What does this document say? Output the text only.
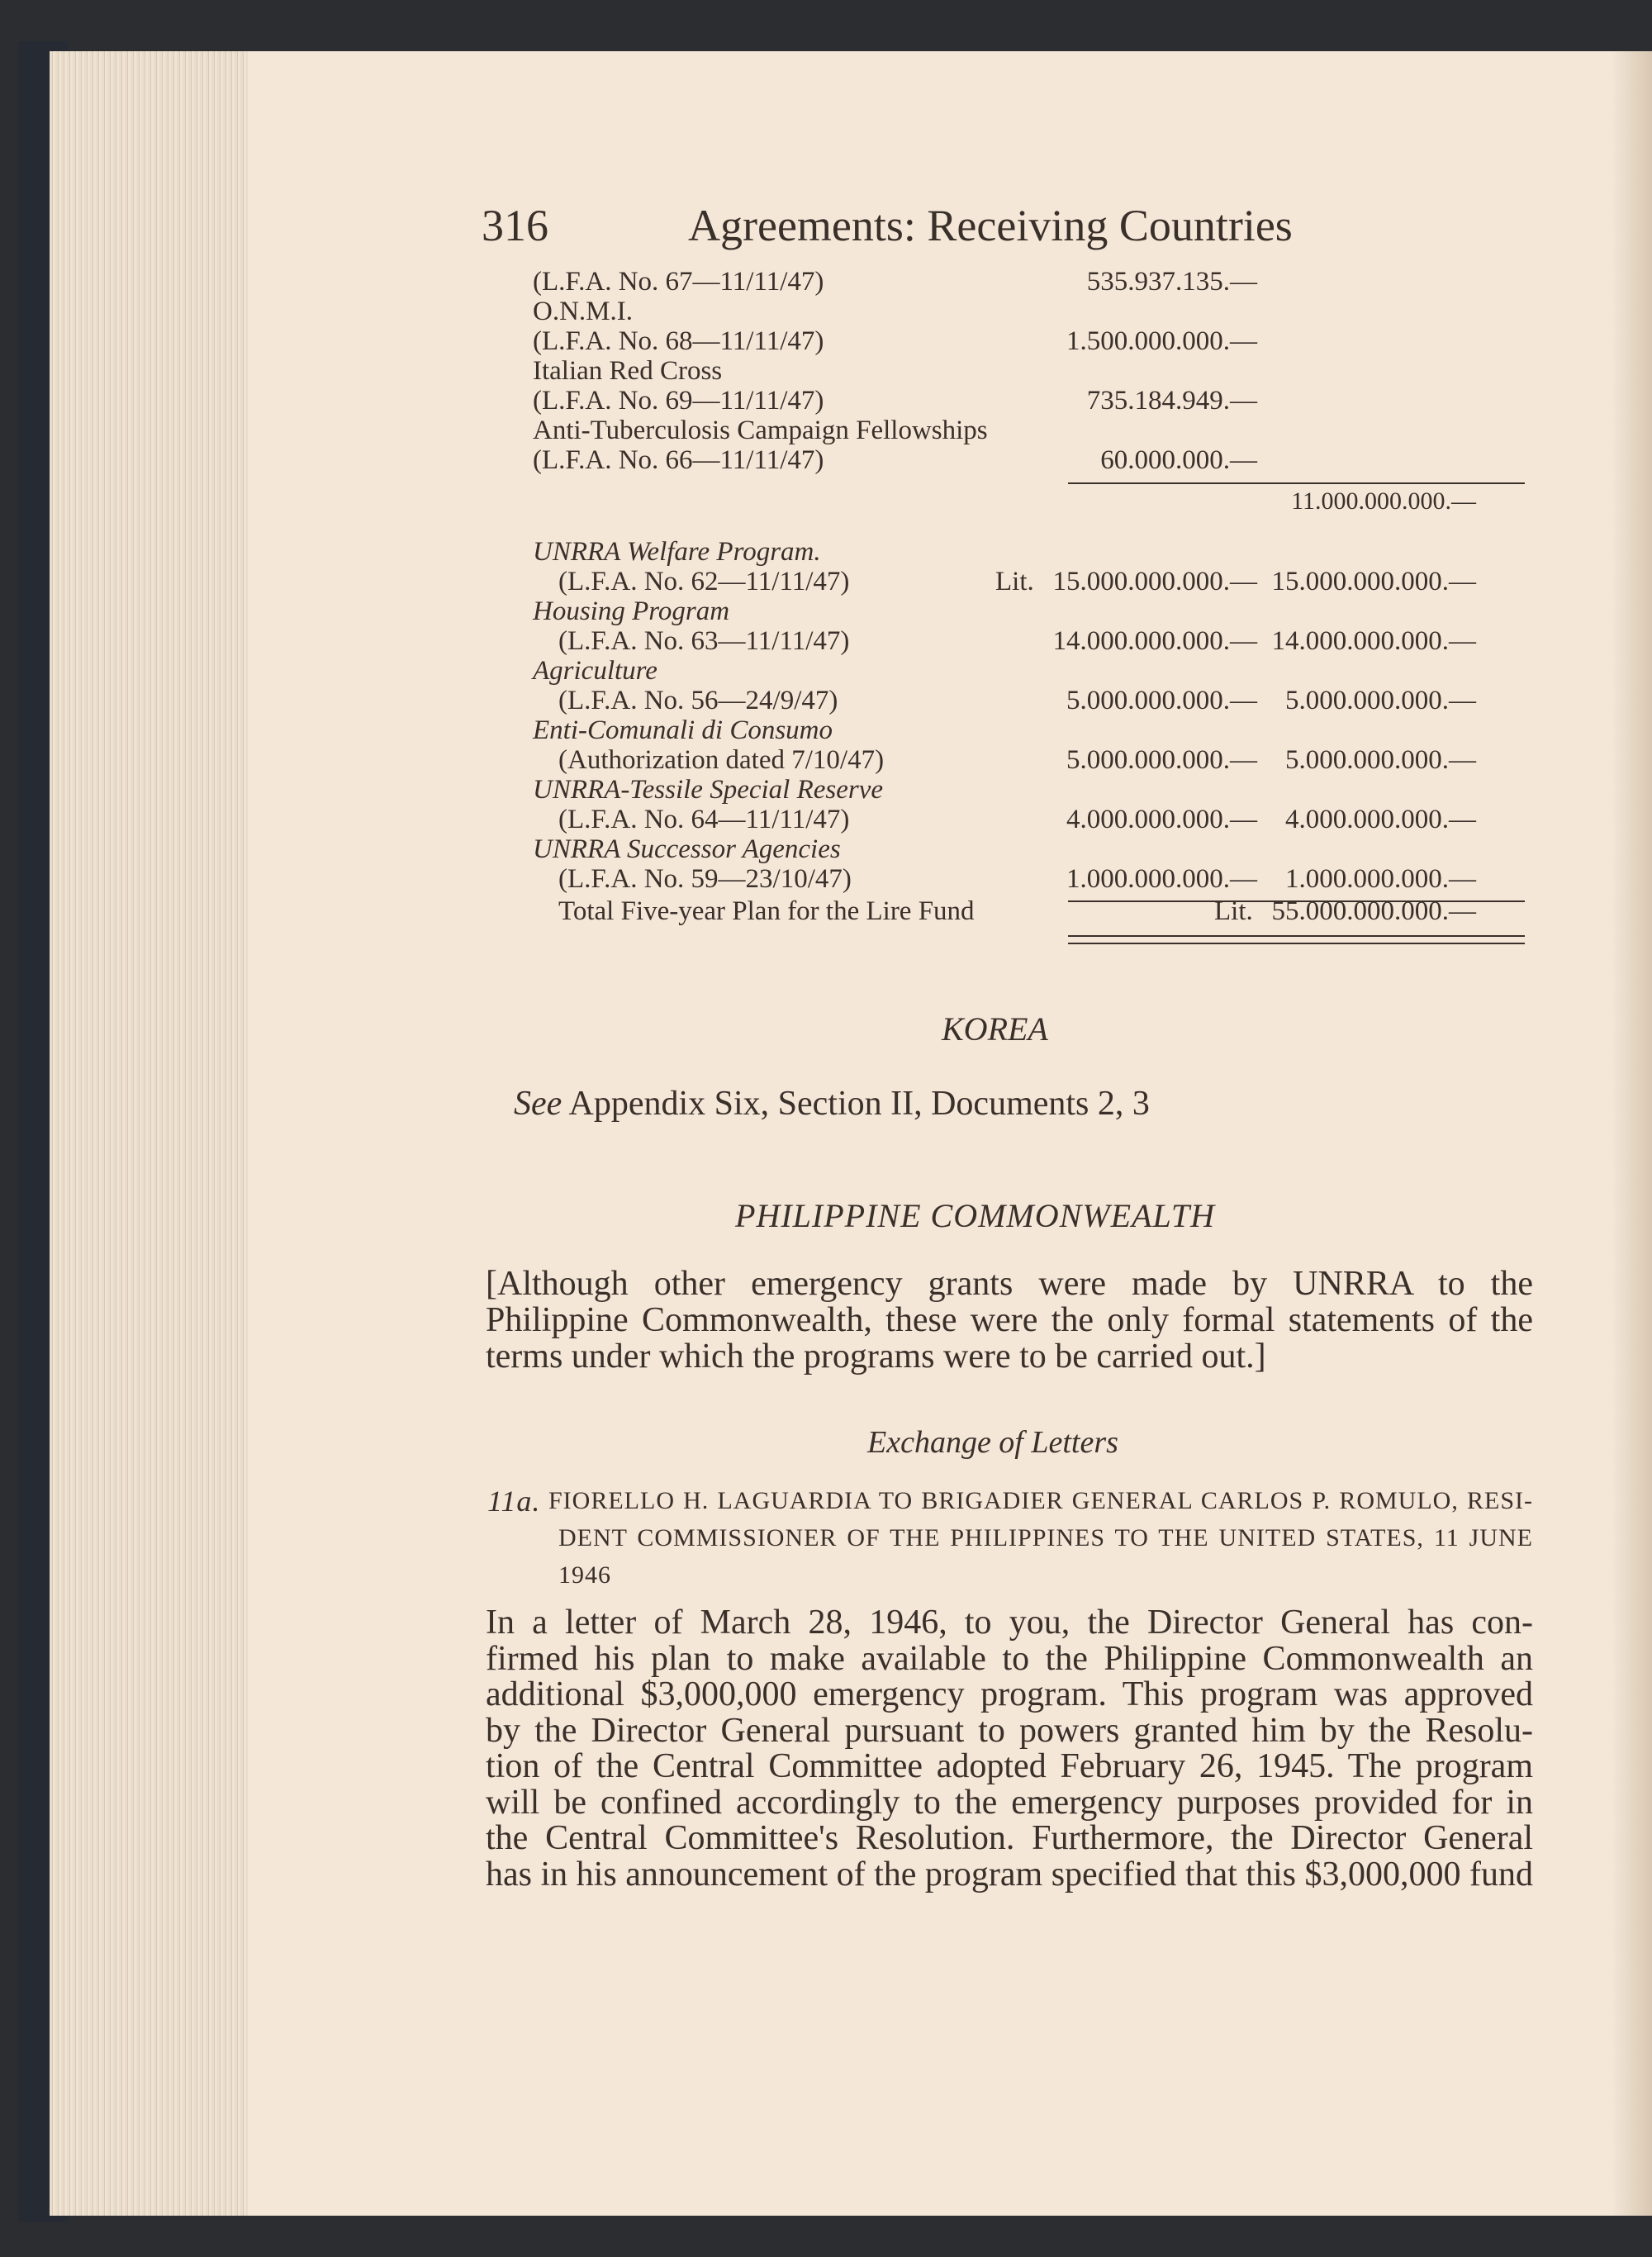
316	Agreements: Receiving Countries
(L.F.A. No. 67—11/11/47)	535.937.135.—
O.N.M.I.
(L.F.A. No. 68—11/11/47)	1.500.000.000.—
Italian Red Cross
(L.F.A. No. 69—11/11/47)	735.184.949.—
Anti-Tuberculosis Campaign Fellowships
(L.F.A. No. 66—11/11/47)	60.000.000.—
11.000.000.000.—
UNRRA Welfare Program.
(L.F.A. No. 62—11/11/47)	Lit. 15.000.000.000.— 15.000.000.000.—
Housing Program
(L.F.A. No. 63—11/11/47)	14.000.000.000.— 14.000.000.000.—
Agriculture
(L.F.A. No. 56—24/9/47)	5.000.000.000.— 5.000.000.000.—
Enti-Comunali di Consumo
(Authorization dated 7/10/47)	5.000.000.000.— 5.000.000.000.—
UNRRA-Tessile Special Reserve
(L.F.A. No. 64—11/11/47)	4.000.000.000.— 4.000.000.000.—
UNRRA Successor Agencies
(L.F.A. No. 59—23/10/47)	1.000.000.000.— 1.000.000.000.—
Total Five-year Plan for the Lire Fund	Lit. 55.000.000.000.—
KOREA
See Appendix Six, Section II, Documents 2, 3
PHILIPPINE COMMONWEALTH
[Although other emergency grants were made by UNRRA to the
Philippine Commonwealth, these were the only formal statements of the
terms under which the programs were to be carried out.]
Exchange of Letters
11a. FIORELLO H. LAGUARDIA TO BRIGADIER GENERAL CARLOS P. ROMULO, RESI-
DENT COMMISSIONER OF THE PHILIPPINES TO THE UNITED STATES, 11 JUNE
1946
In a letter of March 28, 1946, to you, the Director General has con-
firmed his plan to make available to the Philippine Commonwealth an
additional $3,000,000 emergency program. This program was approved
by the Director General pursuant to powers granted him by the Resolu-
tion of the Central Committee adopted February 26, 1945. The program
will be confined accordingly to the emergency purposes provided for in
the Central Committee's Resolution. Furthermore, the Director General
has in his announcement of the program specified that this $3,000,000 fund
